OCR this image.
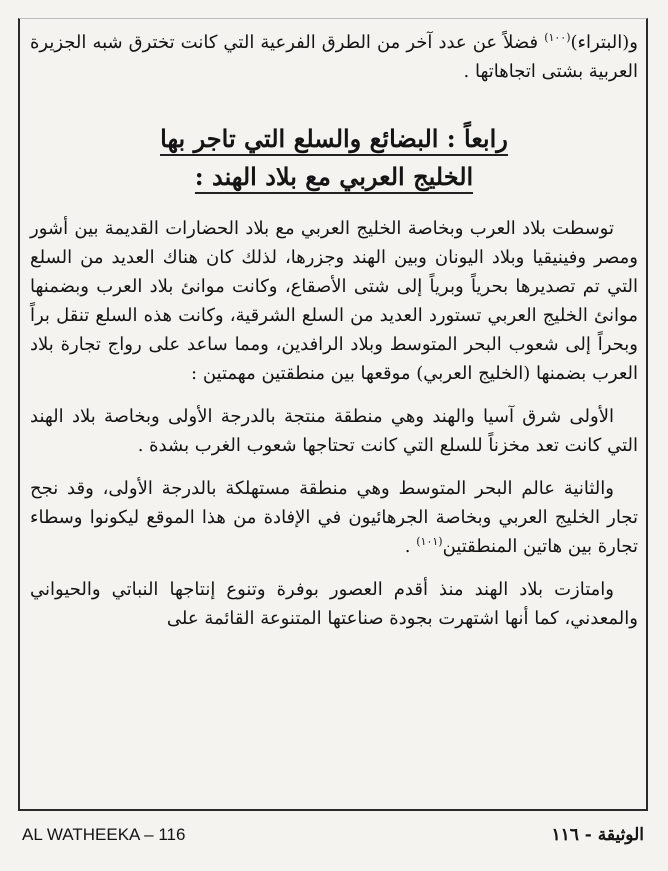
و(البتراء)$^{(١٠٠)}$ فضلاً عن عدد آخر من الطرق الفرعية التي كانت تخترق شبه الجزيرة العربية بشتى اتجاهاتها .

رابعاً : البضائع والسلع التي تاجر بها
الخليج العربي مع بلاد الهند :

توسطت بلاد العرب وبخاصة الخليج العربي مع بلاد الحضارات القديمة بين أشور ومصر وفينيقيا وبلاد اليونان وبين الهند وجزرها، لذلك كان هناك العديد من السلع التي تم تصديرها بحرياً وبرياً إلى شتى الأصقاع، وكانت موانئ بلاد العرب وبضمنها موانئ الخليج العربي تستورد العديد من السلع الشرقية، وكانت هذه السلع تنقل براً وبحراً إلى شعوب البحر المتوسط وبلاد الرافدين، ومما ساعد على رواج تجارة بلاد العرب بضمنها (الخليج العربي) موقعها بين منطقتين مهمتين :

الأولى شرق آسيا والهند وهي منطقة منتجة بالدرجة الأولى وبخاصة بلاد الهند التي كانت تعد مخزناً للسلع التي كانت تحتاجها شعوب الغرب بشدة .

والثانية عالم البحر المتوسط وهي منطقة مستهلكة بالدرجة الأولى، وقد نجح تجار الخليج العربي وبخاصة الجرهائيون في الإفادة من هذا الموقع ليكونوا وسطاء تجارة بين هاتين المنطقتين$^{(١٠١)}$ .

وامتازت بلاد الهند منذ أقدم العصور بوفرة وتنوع إنتاجها النباتي والحيواني والمعدني، كما أنها اشتهرت بجودة صناعتها المتنوعة القائمة على

AL WATHEEKA – 116	الوثيقة - ١١٦
